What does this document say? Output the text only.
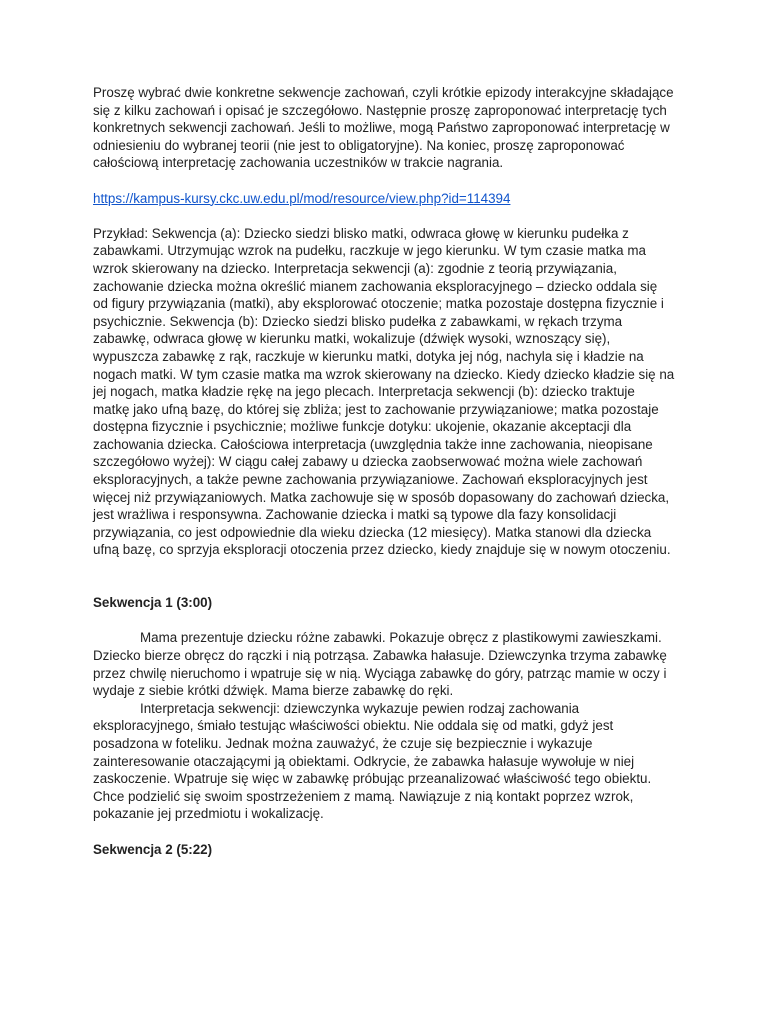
Proszę wybrać dwie konkretne sekwencje zachowań, czyli krótkie epizody interakcyjne składające się z kilku zachowań i opisać je szczegółowo. Następnie proszę zaproponować interpretację tych konkretnych sekwencji zachowań. Jeśli to możliwe, mogą Państwo zaproponować interpretację w odniesieniu do wybranej teorii (nie jest to obligatoryjne). Na koniec, proszę zaproponować całościową interpretację zachowania uczestników w trakcie nagrania.

https://kampus-kursy.ckc.uw.edu.pl/mod/resource/view.php?id=114394

Przykład: Sekwencja (a): Dziecko siedzi blisko matki, odwraca głowę w kierunku pudełka z zabawkami. Utrzymując wzrok na pudełku, raczkuje w jego kierunku. W tym czasie matka ma wzrok skierowany na dziecko. Interpretacja sekwencji (a): zgodnie z teorią przywiązania, zachowanie dziecka można określić mianem zachowania eksploracyjnego – dziecko oddala się od figury przywiązania (matki), aby eksplorować otoczenie; matka pozostaje dostępna fizycznie i psychicznie. Sekwencja (b): Dziecko siedzi blisko pudełka z zabawkami, w rękach trzyma zabawkę, odwraca głowę w kierunku matki, wokalizuje (dźwięk wysoki, wznoszący się), wypuszcza zabawkę z rąk, raczkuje w kierunku matki, dotyka jej nóg, nachyla się i kładzie na nogach matki. W tym czasie matka ma wzrok skierowany na dziecko. Kiedy dziecko kładzie się na jej nogach, matka kładzie rękę na jego plecach. Interpretacja sekwencji (b): dziecko traktuje matkę jako ufną bazę, do której się zbliża; jest to zachowanie przywiązaniowe; matka pozostaje dostępna fizycznie i psychicznie; możliwe funkcje dotyku: ukojenie, okazanie akceptacji dla zachowania dziecka. Całościowa interpretacja (uwzględnia także inne zachowania, nieopisane szczegółowo wyżej): W ciągu całej zabawy u dziecka zaobserwować można wiele zachowań eksploracyjnych, a także pewne zachowania przywiązaniowe. Zachowań eksploracyjnych jest więcej niż przywiązaniowych. Matka zachowuje się w sposób dopasowany do zachowań dziecka, jest wrażliwa i responsywna. Zachowanie dziecka i matki są typowe dla fazy konsolidacji przywiązania, co jest odpowiednie dla wieku dziecka (12 miesięcy). Matka stanowi dla dziecka ufną bazę, co sprzyja eksploracji otoczenia przez dziecko, kiedy znajduje się w nowym otoczeniu.

Sekwencja 1 (3:00)

Mama prezentuje dziecku różne zabawki. Pokazuje obręcz z plastikowymi zawieszkami. Dziecko bierze obręcz do rączki i nią potrząsa. Zabawka hałasuje. Dziewczynka trzyma zabawkę przez chwilę nieruchomo i wpatruje się w nią. Wyciąga zabawkę do góry, patrząc mamie w oczy i wydaje z siebie krótki dźwięk. Mama bierze zabawkę do ręki.

Interpretacja sekwencji: dziewczynka wykazuje pewien rodzaj zachowania eksploracyjnego, śmiało testując właściwości obiektu. Nie oddala się od matki, gdyż jest posadzona w foteliku. Jednak można zauważyć, że czuje się bezpiecznie i wykazuje zainteresowanie otaczającymi ją obiektami. Odkrycie, że zabawka hałasuje wywołuje w niej zaskoczenie. Wpatruje się więc w zabawkę próbując przeanalizować właściwość tego obiektu. Chce podzielić się swoim spostrzeżeniem z mamą. Nawiązuje z nią kontakt poprzez wzrok, pokazanie jej przedmiotu i wokalizację.

Sekwencja 2 (5:22)
